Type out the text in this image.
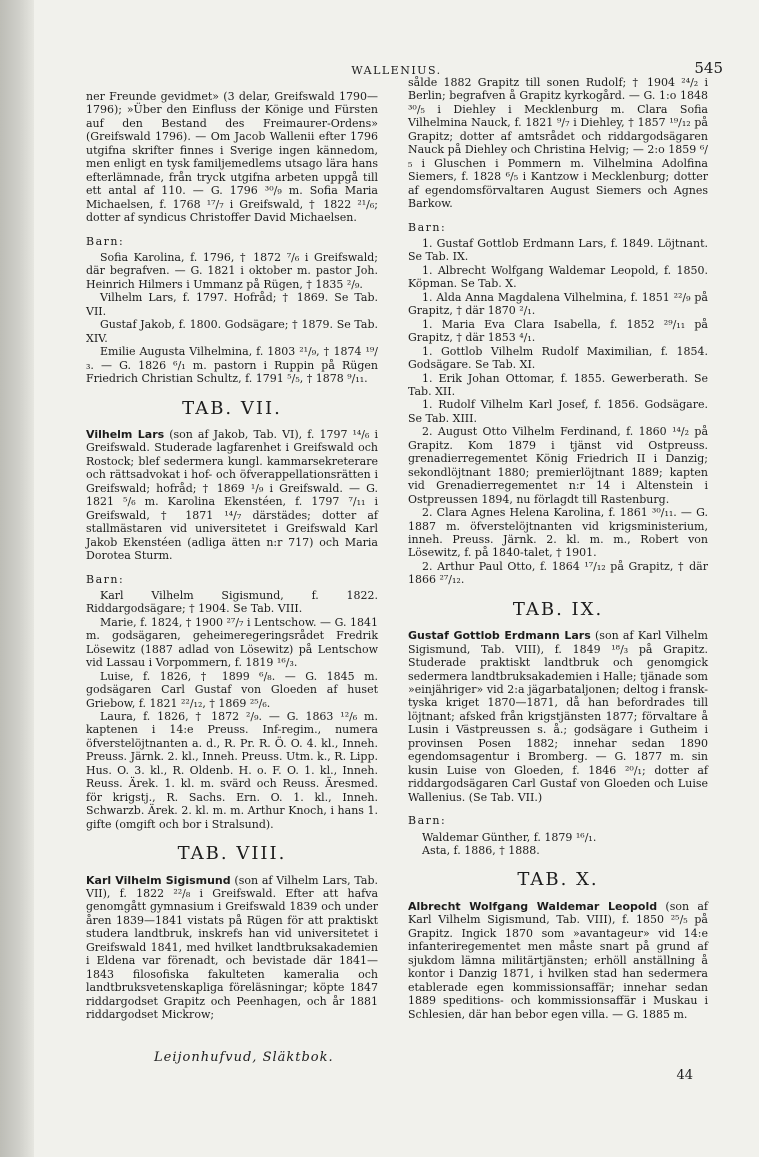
WALLENIUS.	545

ner Freunde gevidmet» (3 delar, Greifswald 1790—1796); »Über den Einfluss der Könige und Fürsten auf den Bestand des Freimaurer-Ordens» (Greifswald 1796). — Om Jacob Wallenii efter 1796 utgifna skrifter finnes i Sverige ingen kännedom, men enligt en tysk familjemedlems utsago lära hans efterlämnade, från tryck utgifna arbeten uppgå till ett antal af 110. — G. 1796 ³⁰/₉ m. Sofia Maria Michaelsen, f. 1768 ¹⁷/₇ i Greifswald, † 1822 ²¹/₆; dotter af syndicus Christoffer David Michaelsen.

Barn:

Sofia Karolina, f. 1796, † 1872 ⁷/₆ i Greifswald; där begrafven. — G. 1821 i oktober m. pastor Joh. Heinrich Hilmers i Ummanz på Rügen, † 1835 ²/₉.

Vilhelm Lars, f. 1797. Hofråd; † 1869. Se Tab. VII.

Gustaf Jakob, f. 1800. Godsägare; † 1879. Se Tab. XIV.

Emilie Augusta Vilhelmina, f. 1803 ²¹/₉, † 1874 ¹⁹/₃. — G. 1826 ⁶/₁ m. pastorn i Ruppin på Rügen Friedrich Christian Schultz, f. 1791 ⁵/₅, † 1878 ⁹/₁₁.

TAB. VII.

Vilhelm Lars (son af Jakob, Tab. VI), f. 1797 ¹⁴/₆ i Greifswald. Studerade lagfarenhet i Greifswald och Rostock; blef sedermera kungl. kammarsekreterare och rättsadvokat i hof- och öfverappellationsrätten i Greifswald; hofråd; † 1869 ¹/₉ i Greifswald. — G. 1821 ⁵/₆ m. Karolina Ekenstéen, f. 1797 ⁷/₁₁ i Greifswald, † 1871 ¹⁴/₇ därstädes; dotter af stallmästaren vid universitetet i Greifswald Karl Jakob Ekenstéen (adliga ätten n:r 717) och Maria Dorotea Sturm.

Barn:

Karl Vilhelm Sigismund, f. 1822. Riddargodsägare; † 1904. Se Tab. VIII.

Marie, f. 1824, † 1900 ²⁷/₇ i Lentschow. — G. 1841 m. godsägaren, geheimeregeringsrådet Fredrik Lösewitz (1887 adlad von Lösewitz) på Lentschow vid Lassau i Vorpommern, f. 1819 ¹⁶/₃.

Luise, f. 1826, † 1899 ⁶/₈. — G. 1845 m. godsägaren Carl Gustaf von Gloeden af huset Griebow, f. 1821 ²²/₁₂, † 1869 ²⁵/₆.

Laura, f. 1826, † 1872 ²/₉. — G. 1863 ¹²/₆ m. kaptenen i 14:e Preuss. Inf-regim., numera öfverstelöjtnanten a. d., R. Pr. R. Ö. O. 4. kl., Inneh. Preuss. Järnk. 2. kl., Inneh. Preuss. Utm. k., R. Lipp. Hus. O. 3. kl., R. Oldenb. H. o. F. O. 1. kl., Inneh. Reuss. Ärek. 1. kl. m. svärd och Reuss. Äresmed. för krigstj., R. Sachs. Ern. O. 1. kl., Inneh. Schwarzb. Ärek. 2. kl. m. m. Arthur Knoch, i hans 1. gifte (omgift och bor i Stralsund).

TAB. VIII.

Karl Vilhelm Sigismund (son af Vilhelm Lars, Tab. VII), f. 1822 ²²/₈ i Greifswald. Efter att hafva genomgått gymnasium i Greifswald 1839 och under åren 1839—1841 vistats på Rügen för att praktiskt studera landtbruk, inskrefs han vid universitetet i Greifswald 1841, med hvilket landtbruksakademien i Eldena var förenadt, och bevistade där 1841—1843 filosofiska fakulteten kameralia och landtbruksvetenskapliga föreläsningar; köpte 1847 riddargodset Grapitz och Peenhagen, och år 1881 riddargodset Mickrow;

sålde 1882 Grapitz till sonen Rudolf; † 1904 ²⁴/₂ i Berlin; begrafven å Grapitz kyrkogård. — G. 1:o 1848 ³⁰/₅ i Diehley i Mecklenburg m. Clara Sofia Vilhelmina Nauck, f. 1821 ⁹/₇ i Diehley, † 1857 ¹⁹/₁₂ på Grapitz; dotter af amtsrådet och riddargodsägaren Nauck på Diehley och Christina Helvig; — 2:o 1859 ⁶/₅ i Gluschen i Pommern m. Vilhelmina Adolfina Siemers, f. 1828 ⁶/₅ i Kantzow i Mecklenburg; dotter af egendomsförvaltaren August Siemers och Agnes Barkow.

Barn:

1. Gustaf Gottlob Erdmann Lars, f. 1849. Löjtnant. Se Tab. IX.

1. Albrecht Wolfgang Waldemar Leopold, f. 1850. Köpman. Se Tab. X.

1. Alda Anna Magdalena Vilhelmina, f. 1851 ²²/₉ på Grapitz, † där 1870 ²/₁.

1. Maria Eva Clara Isabella, f. 1852 ²⁹/₁₁ på Grapitz, † där 1853 ⁴/₁.

1. Gottlob Vilhelm Rudolf Maximilian, f. 1854. Godsägare. Se Tab. XI.

1. Erik Johan Ottomar, f. 1855. Gewerberath. Se Tab. XII.

1. Rudolf Vilhelm Karl Josef, f. 1856. Godsägare. Se Tab. XIII.

2. August Otto Vilhelm Ferdinand, f. 1860 ¹⁴/₂ på Grapitz. Kom 1879 i tjänst vid Ostpreuss. grenadierregementet König Friedrich II i Danzig; sekondlöjtnant 1880; premierlöjtnant 1889; kapten vid Grenadierregementet n:r 14 i Altenstein i Ostpreussen 1894, nu förlagdt till Rastenburg.

2. Clara Agnes Helena Karolina, f. 1861 ³⁰/₁₁. — G. 1887 m. öfverstelöjtnanten vid krigsministerium, inneh. Preuss. Järnk. 2. kl. m. m., Robert von Lösewitz, f. på 1840-talet, † 1901.

2. Arthur Paul Otto, f. 1864 ¹⁷/₁₂ på Grapitz, † där 1866 ²⁷/₁₂.

TAB. IX.

Gustaf Gottlob Erdmann Lars (son af Karl Vilhelm Sigismund, Tab. VIII), f. 1849 ¹⁸/₃ på Grapitz. Studerade praktiskt landtbruk och genomgick sedermera landtbruksakademien i Halle; tjänade som »einjähriger» vid 2:a jägarbataljonen; deltog i fransk-tyska kriget 1870—1871, då han befordrades till löjtnant; afsked från krigstjänsten 1877; förvaltare å Lusin i Västpreussen s. å.; godsägare i Gutheim i provinsen Posen 1882; innehar sedan 1890 egendomsagentur i Bromberg. — G. 1877 m. sin kusin Luise von Gloeden, f. 1846 ²⁰/₁; dotter af riddargodsägaren Carl Gustaf von Gloeden och Luise Wallenius. (Se Tab. VII.)

Barn:

Waldemar Günther, f. 1879 ¹⁶/₁.

Asta, f. 1886, † 1888.

TAB. X.

Albrecht Wolfgang Waldemar Leopold (son af Karl Vilhelm Sigismund, Tab. VIII), f. 1850 ²⁵/₅ på Grapitz. Ingick 1870 som »avantageur» vid 14:e infanteriregementet men måste snart på grund af sjukdom lämna militärtjänsten; erhöll anställning å kontor i Danzig 1871, i hvilken stad han sedermera etablerade egen kommissionsaffär; innehar sedan 1889 speditions- och kommissionsaffär i Muskau i Schlesien, där han bebor egen villa. — G. 1885 m.

Leijonhufvud, Släktbok.
44
